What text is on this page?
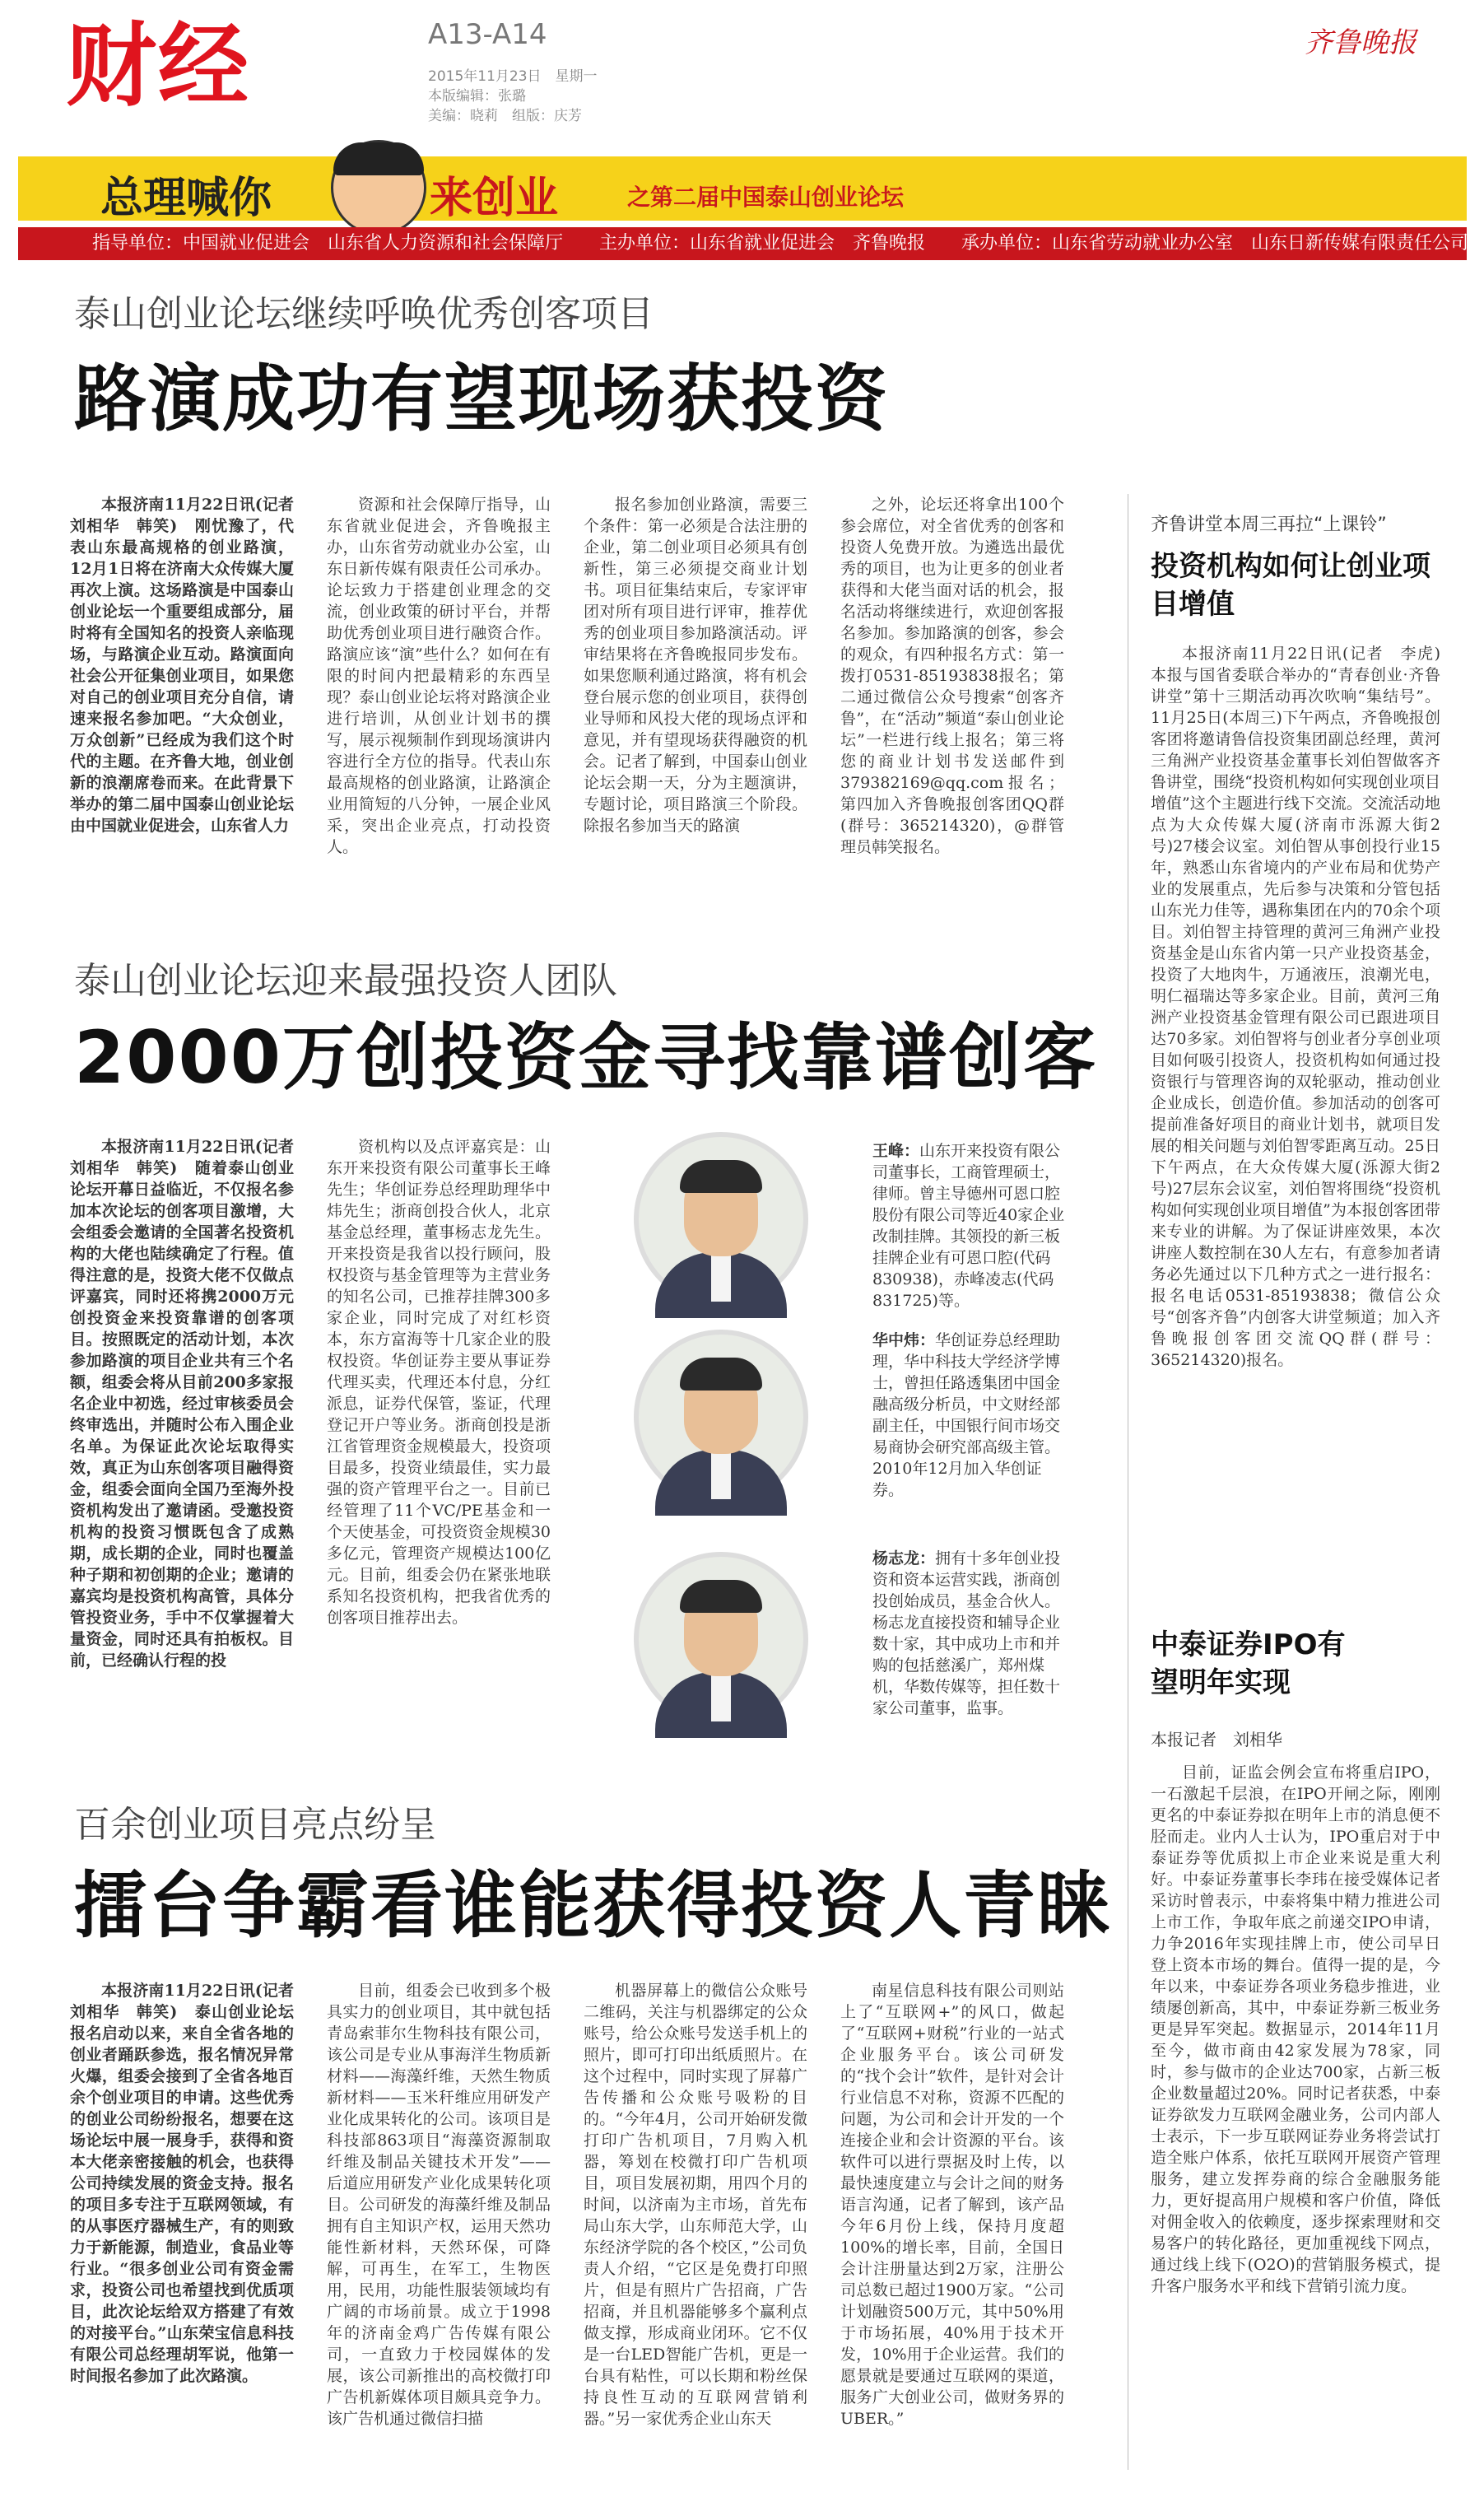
财经	A13-A14
2015年11月23日　星期一
本版编辑：张璐
美编：晓莉　组版：庆芳
齐鲁晚报
总理喊你	来创业	之第二届中国泰山创业论坛
指导单位：中国就业促进会　山东省人力资源和社会保障厅　　主办单位：山东省就业促进会　齐鲁晚报　　承办单位：山东省劳动就业办公室　山东日新传媒有限责任公司
泰山创业论坛继续呼唤优秀创客项目
路演成功有望现场获投资

本报济南11月22日讯(记者　刘相华　韩笑)　刚忧豫了，代表山东最高规格的创业路演，12月1日将在济南大众传媒大厦再次上演。这场路演是中国泰山创业论坛一个重要组成部分，届时将有全国知名的投资人亲临现场，与路演企业互动。路演面向社会公开征集创业项目，如果您对自己的创业项目充分自信，请速来报名参加吧。“大众创业，万众创新”已经成为我们这个时代的主题。在齐鲁大地，创业创新的浪潮席卷而来。在此背景下举办的第二届中国泰山创业论坛由中国就业促进会，山东省人力

资源和社会保障厅指导，山东省就业促进会，齐鲁晚报主办，山东省劳动就业办公室，山东日新传媒有限责任公司承办。论坛致力于搭建创业理念的交流，创业政策的研讨平台，并帮助优秀创业项目进行融资合作。路演应该“演”些什么？如何在有限的时间内把最精彩的东西呈现？泰山创业论坛将对路演企业进行培训，从创业计划书的撰写，展示视频制作到现场演讲内容进行全方位的指导。代表山东最高规格的创业路演，让路演企业用简短的八分钟，一展企业风采，突出企业亮点，打动投资人。

报名参加创业路演，需要三个条件：第一必须是合法注册的企业，第二创业项目必须具有创新性，第三必须提交商业计划书。项目征集结束后，专家评审团对所有项目进行评审，推荐优秀的创业项目参加路演活动。评审结果将在齐鲁晚报同步发布。如果您顺利通过路演，将有机会登台展示您的创业项目，获得创业导师和风投大佬的现场点评和意见，并有望现场获得融资的机会。记者了解到，中国泰山创业论坛会期一天，分为主题演讲，专题讨论，项目路演三个阶段。除报名参加当天的路演

之外，论坛还将拿出100个参会席位，对全省优秀的创客和投资人免费开放。为遴选出最优秀的项目，也为让更多的创业者获得和大佬当面对话的机会，报名活动将继续进行，欢迎创客报名参加。参加路演的创客，参会的观众，有四种报名方式：第一拨打0531-85193838报名；第二通过微信公众号搜索“创客齐鲁”，在“活动”频道“泰山创业论坛”一栏进行线上报名；第三将您的商业计划书发送邮件到379382169@qq.com报名；第四加入齐鲁晚报创客团QQ群(群号：365214320)，@群管理员韩笑报名。

齐鲁讲堂本周三再拉“上课铃”
投资机构如何让创业项目增值

本报济南11月22日讯(记者　李虎)　本报与国省委联合举办的“青春创业·齐鲁讲堂”第十三期活动再次吹响“集结号”。11月25日(本周三)下午两点，齐鲁晚报创客团将邀请鲁信投资集团副总经理，黄河三角洲产业投资基金董事长刘伯智做客齐鲁讲堂，围绕“投资机构如何实现创业项目增值”这个主题进行线下交流。交流活动地点为大众传媒大厦(济南市泺源大街2号)27楼会议室。刘伯智从事创投行业15年，熟悉山东省境内的产业布局和优势产业的发展重点，先后参与决策和分管包括山东光力佳等，遇称集团在内的70余个项目。刘伯智主持管理的黄河三角洲产业投资基金是山东省内第一只产业投资基金，投资了大地肉牛，万通液压，浪潮光电，明仁福瑞达等多家企业。目前，黄河三角洲产业投资基金管理有限公司已跟进项目达70多家。刘伯智将与创业者分享创业项目如何吸引投资人，投资机构如何通过投资银行与管理咨询的双轮驱动，推动创业企业成长，创造价值。参加活动的创客可提前准备好项目的商业计划书，就项目发展的相关问题与刘伯智零距离互动。25日下午两点，在大众传媒大厦(泺源大街2号)27层东会议室，刘伯智将围绕“投资机构如何实现创业项目增值”为本报创客团带来专业的讲解。为了保证讲座效果，本次讲座人数控制在30人左右，有意参加者请务必先通过以下几种方式之一进行报名：报名电话0531-85193838；微信公众号“创客齐鲁”内创客大讲堂频道；加入齐鲁晚报创客团交流QQ群(群号：365214320)报名。

泰山创业论坛迎来最强投资人团队
2000万创投资金寻找靠谱创客

本报济南11月22日讯(记者　刘相华　韩笑)　随着泰山创业论坛开幕日益临近，不仅报名参加本次论坛的创客项目激增，大会组委会邀请的全国著名投资机构的大佬也陆续确定了行程。值得注意的是，投资大佬不仅做点评嘉宾，同时还将携2000万元创投资金来投资靠谱的创客项目。按照既定的活动计划，本次参加路演的项目企业共有三个名额，组委会将从目前200多家报名企业中初选，经过审核委员会终审选出，并随时公布入围企业名单。为保证此次论坛取得实效，真正为山东创客项目融得资金，组委会面向全国乃至海外投资机构发出了邀请函。受邀投资机构的投资习惯既包含了成熟期，成长期的企业，同时也覆盖种子期和初创期的企业；邀请的嘉宾均是投资机构高管，具体分管投资业务，手中不仅掌握着大量资金，同时还具有拍板权。目前，已经确认行程的投

资机构以及点评嘉宾是：山东开来投资有限公司董事长王峰先生；华创证券总经理助理华中炜先生；浙商创投合伙人，北京基金总经理，董事杨志龙先生。开来投资是我省以投行顾问，股权投资与基金管理等为主营业务的知名公司，已推荐挂牌300多家企业，同时完成了对红杉资本，东方富海等十几家企业的股权投资。华创证券主要从事证券代理买卖，代理还本付息，分红派息，证券代保管，鉴证，代理登记开户等业务。浙商创投是浙江省管理资金规模最大，投资项目最多，投资业绩最佳，实力最强的资产管理平台之一。目前已经管理了11个VC/PE基金和一个天使基金，可投资资金规模30多亿元，管理资产规模达100亿元。目前，组委会仍在紧张地联系知名投资机构，把我省优秀的创客项目推荐出去。

王峰：山东开来投资有限公司董事长，工商管理硕士，律师。曾主导德州可恩口腔股份有限公司等近40家企业改制挂牌。其领投的新三板挂牌企业有可恩口腔(代码830938)，赤峰凌志(代码831725)等。
华中炜：华创证券总经理助理，华中科技大学经济学博士，曾担任路透集团中国金融高级分析员，中文财经部副主任，中国银行间市场交易商协会研究部高级主管。2010年12月加入华创证券。
杨志龙：拥有十多年创业投资和资本运营实践，浙商创投创始成员，基金合伙人。杨志龙直接投资和辅导企业数十家，其中成功上市和并购的包括慈溪广，郑州煤机，华数传媒等，担任数十家公司董事，监事。
中泰证券IPO有望明年实现
本报记者　刘相华

目前，证监会例会宣布将重启IPO，一石激起千层浪，在IPO开闸之际，刚刚更名的中泰证券拟在明年上市的消息便不胫而走。业内人士认为，IPO重启对于中泰证券等优质拟上市企业来说是重大利好。中泰证券董事长李玮在接受媒体记者采访时曾表示，中泰将集中精力推进公司上市工作，争取年底之前递交IPO申请，力争2016年实现挂牌上市，使公司早日登上资本市场的舞台。值得一提的是，今年以来，中泰证券各项业务稳步推进，业绩屡创新高，其中，中泰证券新三板业务更是异军突起。数据显示，2014年11月至今，做市商由42家发展为78家，同时，参与做市的企业达700家，占新三板企业数量超过20%。同时记者获悉，中泰证券欲发力互联网金融业务，公司内部人士表示，下一步互联网证券业务将尝试打造全账户体系，依托互联网开展资产管理服务，建立发挥券商的综合金融服务能力，更好提高用户规模和客户价值，降低对佣金收入的依赖度，逐步探索理财和交易客户的转化路径，更加重视线下网点，通过线上线下(O2O)的营销服务模式，提升客户服务水平和线下营销引流力度。

百余创业项目亮点纷呈
擂台争霸看谁能获得投资人青睐

本报济南11月22日讯(记者　刘相华　韩笑)　泰山创业论坛报名启动以来，来自全省各地的创业者踊跃参选，报名情况异常火爆，组委会接到了全省各地百余个创业项目的申请。这些优秀的创业公司纷纷报名，想要在这场论坛中展一展身手，获得和资本大佬亲密接触的机会，也获得公司持续发展的资金支持。报名的项目多专注于互联网领域，有的从事医疗器械生产，有的则致力于新能源，制造业，食品业等行业。“很多创业公司有资金需求，投资公司也希望找到优质项目，此次论坛给双方搭建了有效的对接平台。”山东荣宝信息科技有限公司总经理胡军说，他第一时间报名参加了此次路演。

目前，组委会已收到多个极具实力的创业项目，其中就包括青岛索菲尔生物科技有限公司，该公司是专业从事海洋生物质新材料——海藻纤维，天然生物质新材料——玉米秆维应用研发产业化成果转化的公司。该项目是科技部863项目“海藻资源制取纤维及制品关键技术开发”——后道应用研发产业化成果转化项目。公司研发的海藻纤维及制品拥有自主知识产权，运用天然功能性新材料，天然环保，可降解，可再生，在军工，生物医用，民用，功能性服装领域均有广阔的市场前景。成立于1998年的济南金鸡广告传媒有限公司，一直致力于校园媒体的发展，该公司新推出的高校微打印广告机新媒体项目颇具竞争力。该广告机通过微信扫描

机器屏幕上的微信公众账号二维码，关注与机器绑定的公众账号，给公众账号发送手机上的照片，即可打印出纸质照片。在这个过程中，同时实现了屏幕广告传播和公众账号吸粉的目的。“今年4月，公司开始研发微打印广告机项目，7月购入机器，筹划在校微打印广告机项目，项目发展初期，用四个月的时间，以济南为主市场，首先布局山东大学，山东师范大学，山东经济学院的各个校区，”公司负责人介绍，“它区是免费打印照片，但是有照片广告招商，广告招商，并且机器能够多个赢利点做支撑，形成商业闭环。它不仅是一台LED智能广告机，更是一台具有粘性，可以长期和粉丝保持良性互动的互联网营销利器。”另一家优秀企业山东天

南星信息科技有限公司则站上了“互联网+”的风口，做起了“互联网+财税”行业的一站式企业服务平台。该公司研发的“找个会计”软件，是针对会计行业信息不对称，资源不匹配的问题，为公司和会计开发的一个连接企业和会计资源的平台。该软件可以进行票据及时上传，以最快速度建立与会计之间的财务语言沟通，记者了解到，该产品今年6月份上线，保持月度超100%的增长率，目前，全国日会计注册量达到2万家，注册公司总数已超过1900万家。“公司计划融资500万元，其中50%用于市场拓展，40%用于技术开发，10%用于企业运营。我们的愿景就是要通过互联网的渠道，服务广大创业公司，做财务界的UBER。”
